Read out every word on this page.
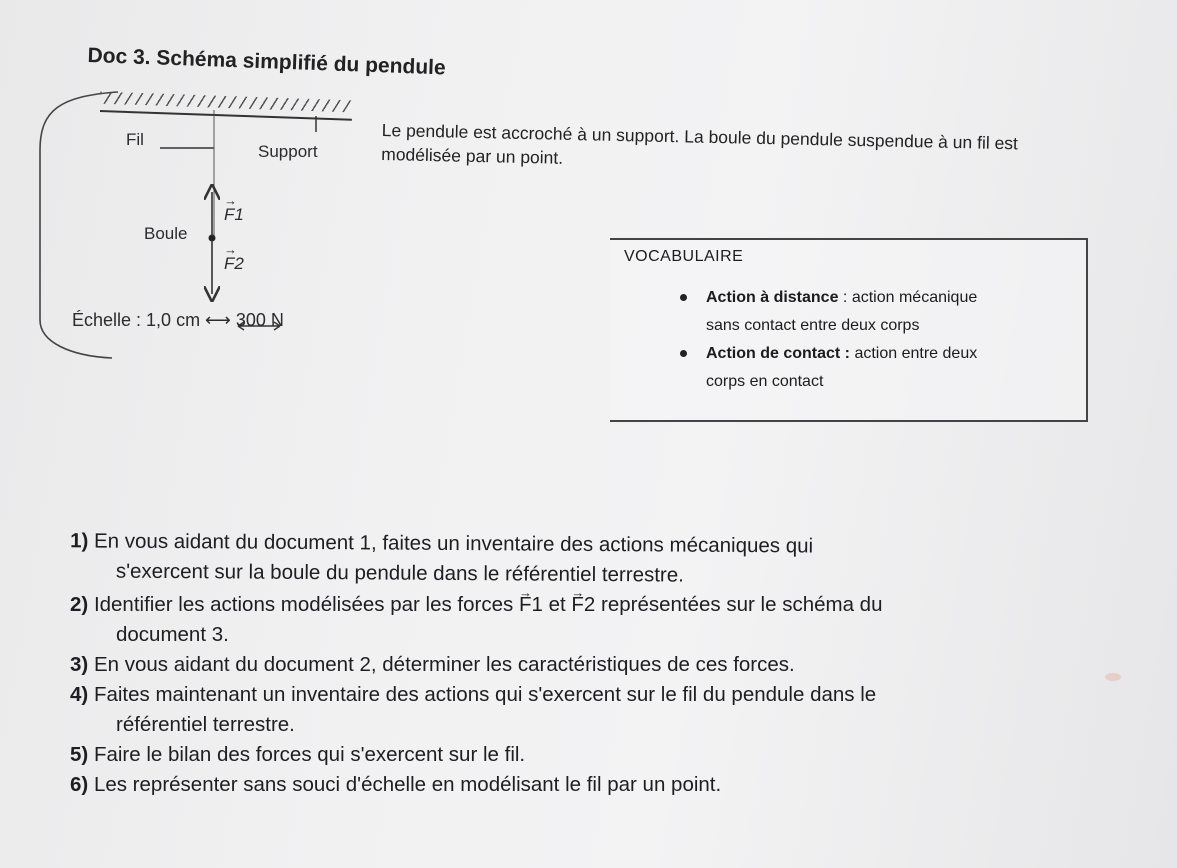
Doc 3. Schéma simplifié du pendule
Fil
Support
Boule
→ F1
→ F2
Échelle : 1,0 cm ⟷ 300 N
Le pendule est accroché à un support. La boule du pendule suspendue à un fil est modélisée par un point.
VOCABULAIRE
Action à distance : action mécanique
sans contact entre deux corps
Action de contact : action entre deux
corps en contact
1) En vous aidant du document 1, faites un inventaire des actions mécaniques qui
s'exercent sur la boule du pendule dans le référentiel terrestre.
2) Identifier les actions modélisées par les forces → F1 et → F2 représentées sur le schéma du
document 3.
3) En vous aidant du document 2, déterminer les caractéristiques de ces forces.
4) Faites maintenant un inventaire des actions qui s'exercent sur le fil du pendule dans le
référentiel terrestre.
5) Faire le bilan des forces qui s'exercent sur le fil.
6) Les représenter sans souci d'échelle en modélisant le fil par un point.
